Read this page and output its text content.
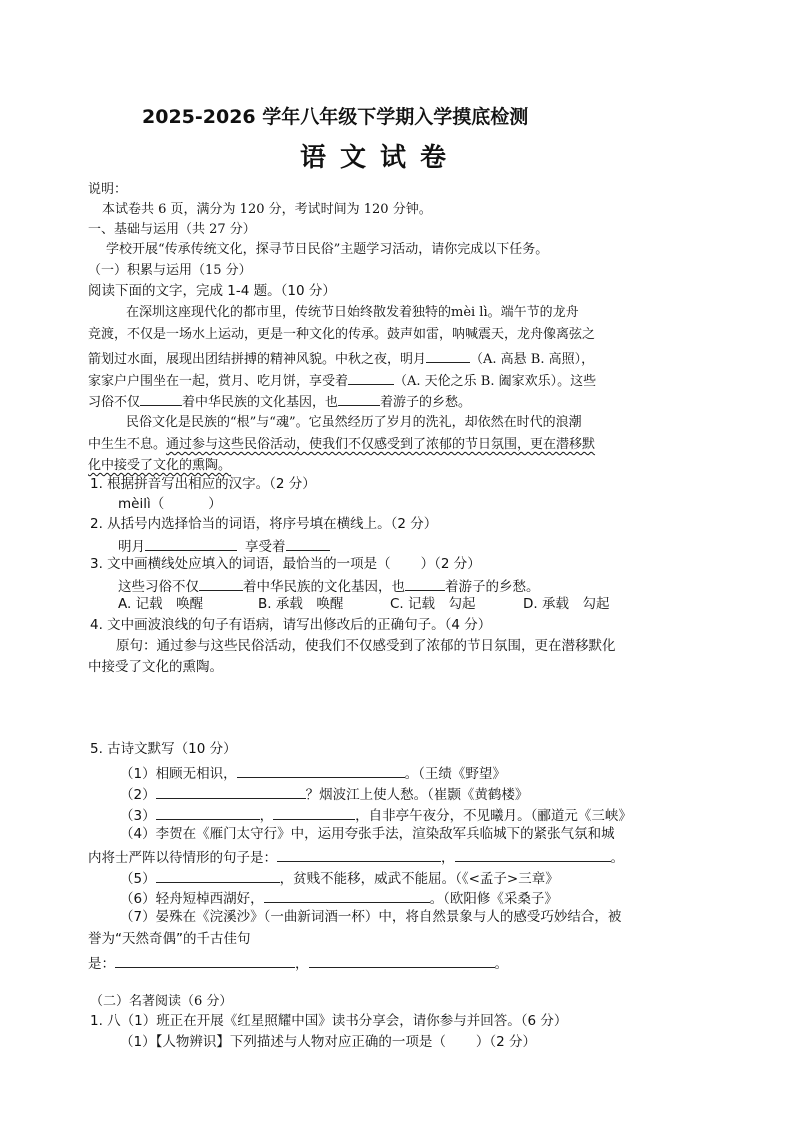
2025-2026 学年八年级下学期入学摸底检测
语文试卷
说明：
本试卷共 6 页，满分为 120 分，考试时间为 120 分钟。
一、基础与运用（共 27 分）
学校开展“传承传统文化，探寻节日民俗”主题学习活动，请你完成以下任务。
（一）积累与运用（15 分）
阅读下面的文字，完成 1-4 题。（10 分）
在深圳这座现代化的都市里，传统节日始终散发着独特的mèi lì。端午节的龙舟
竞渡，不仅是一场水上运动，更是一种文化的传承。鼓声如雷，呐喊震天，龙舟像离弦之
箭划过水面，展现出团结拼搏的精神风貌。中秋之夜，明月	（A. 高悬 B. 高照），
家家户户围坐在一起，赏月、吃月饼，享受着	（A. 天伦之乐 B. 阖家欢乐）。这些
习俗不仅	着中华民族的文化基因，也	着游子的乡愁。
民俗文化是民族的“根”与“魂”。它虽然经历了岁月的洗礼，却依然在时代的浪潮
中生生不息。通过参与这些民俗活动，使我们不仅感受到了浓郁的节日氛围，更在潜移默
化中接受了文化的熏陶。
1. 根据拼音写出相应的汉字。（2 分）
mèilì（	）
2. 从括号内选择恰当的词语，将序号填在横线上。（2 分）
明月	享受着
3. 文中画横线处应填入的词语，最恰当的一项是（ ）（2 分）
这些习俗不仅	着中华民族的文化基因，也	着游子的乡愁。
A. 记载　唤醒	B. 承载　唤醒	C. 记载　勾起	D. 承载　勾起
4. 文中画波浪线的句子有语病，请写出修改后的正确句子。（4 分）
原句：通过参与这些民俗活动，使我们不仅感受到了浓郁的节日氛围，更在潜移默化
中接受了文化的熏陶。
5. 古诗文默写（10 分）
（1）相顾无相识，	。（王绩《野望》
（2）	？烟波江上使人愁。（崔颢《黄鹤楼》
（3）	，	，自非亭午夜分，不见曦月。（郦道元《三峡》
（4）李贺在《雁门太守行》中，运用夸张手法，渲染敌军兵临城下的紧张气氛和城
内将士严阵以待情形的句子是：	，	。
（5）	，贫贱不能移，威武不能屈。（《<孟子>三章》
（6）轻舟短棹西湖好，	。（欧阳修《采桑子》
（7）晏殊在《浣溪沙》（一曲新词酒一杯）中，将自然景象与人的感受巧妙结合，被
誉为“天然奇偶”的千古佳句
是：	，	。
（二）名著阅读（6 分）
1. 八（1）班正在开展《红星照耀中国》读书分享会，请你参与并回答。（6 分）
（1）【人物辨识】下列描述与人物对应正确的一项是（ ）（2 分）
